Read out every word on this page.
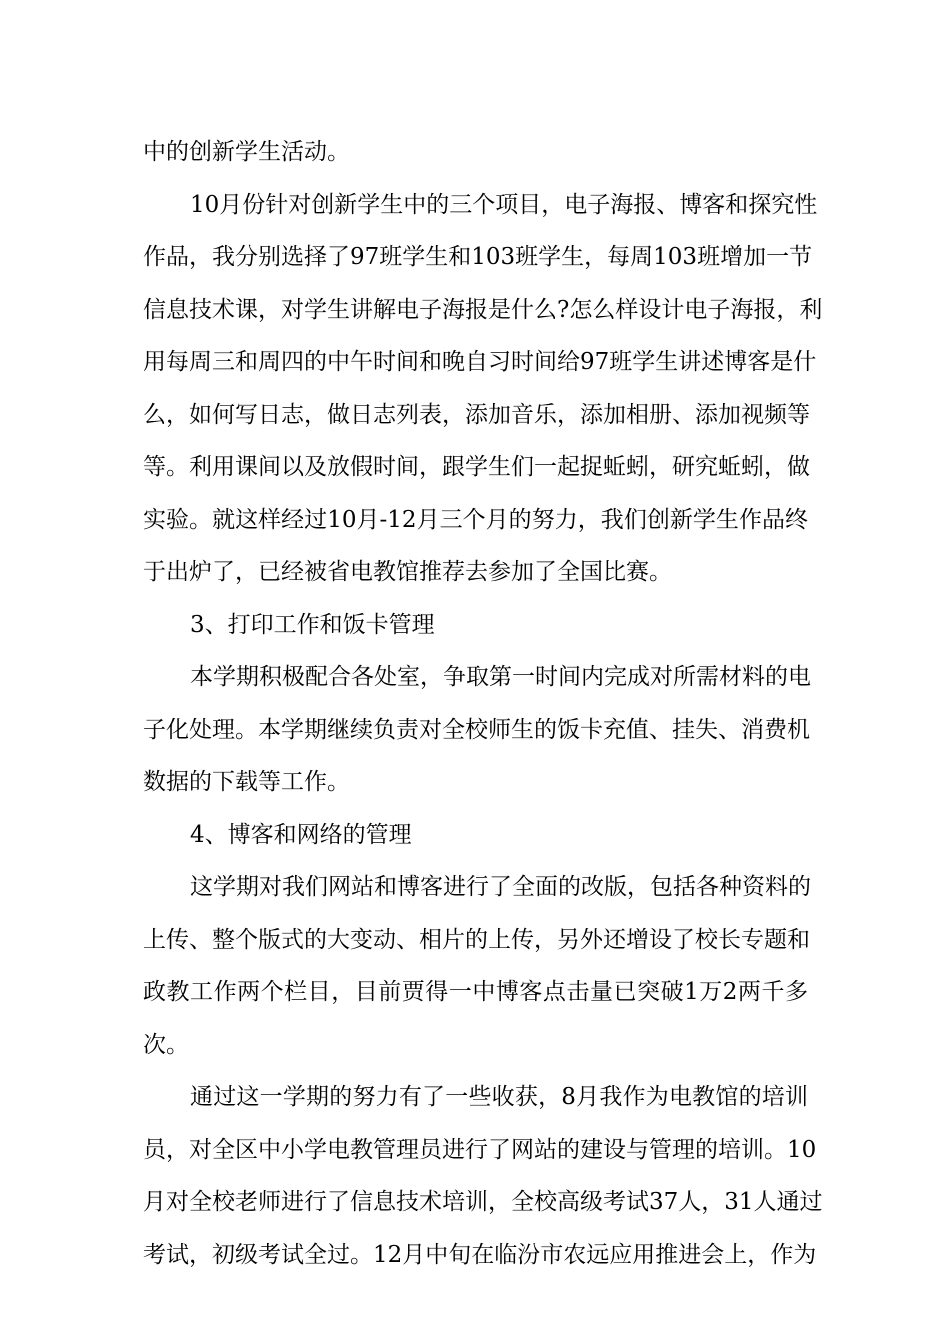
中的创新学生活动。

10月份针对创新学生中的三个项目，电子海报、博客和探究性

作品，我分别选择了97班学生和103班学生，每周103班增加一节

信息技术课，对学生讲解电子海报是什么?怎么样设计电子海报，利

用每周三和周四的中午时间和晚自习时间给97班学生讲述博客是什

么，如何写日志，做日志列表，添加音乐，添加相册、添加视频等

等。利用课间以及放假时间，跟学生们一起捉蚯蚓，研究蚯蚓，做

实验。就这样经过10月-12月三个月的努力，我们创新学生作品终

于出炉了，已经被省电教馆推荐去参加了全国比赛。

3、打印工作和饭卡管理

本学期积极配合各处室，争取第一时间内完成对所需材料的电

子化处理。本学期继续负责对全校师生的饭卡充值、挂失、消费机

数据的下载等工作。

4、博客和网络的管理

这学期对我们网站和博客进行了全面的改版，包括各种资料的

上传、整个版式的大变动、相片的上传，另外还增设了校长专题和

政教工作两个栏目，目前贾得一中博客点击量已突破1万2两千多

次。

通过这一学期的努力有了一些收获，8月我作为电教馆的培训

员，对全区中小学电教管理员进行了网站的建设与管理的培训。10

月对全校老师进行了信息技术培训，全校高级考试37人，31人通过

考试，初级考试全过。12月中旬在临汾市农远应用推进会上，作为
